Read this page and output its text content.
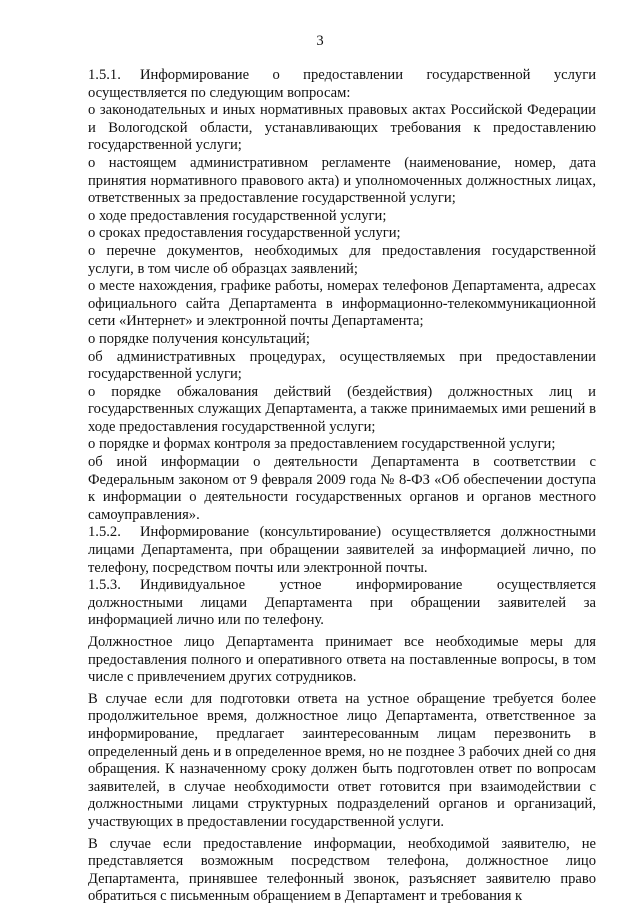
3

1.5.1. Информирование о предоставлении государственной услуги осуществляется по следующим вопросам:

о законодательных и иных нормативных правовых актах Российской Федерации и Вологодской области, устанавливающих требования к предоставлению государственной услуги;

о настоящем административном регламенте (наименование, номер, дата принятия нормативного правового акта) и уполномоченных должностных лицах, ответственных за предоставление государственной услуги;

о ходе предоставления государственной услуги;

о сроках предоставления государственной услуги;

о перечне документов, необходимых для предоставления государственной услуги, в том числе об образцах заявлений;

о месте нахождения, графике работы, номерах телефонов Департамента, адресах официального сайта Департамента в информационно-телекоммуникационной сети «Интернет» и электронной почты Департамента;

о порядке получения консультаций;

об административных процедурах, осуществляемых при предоставлении государственной услуги;

о порядке обжалования действий (бездействия) должностных лиц и государственных служащих Департамента, а также принимаемых ими решений в ходе предоставления государственной услуги;

о порядке и формах контроля за предоставлением государственной услуги;

об иной информации о деятельности Департамента в соответствии с Федеральным законом от 9 февраля 2009 года № 8-ФЗ «Об обеспечении доступа к информации о деятельности государственных органов и органов местного самоуправления».

1.5.2. Информирование (консультирование) осуществляется должностными лицами Департамента, при обращении заявителей за информацией лично, по телефону, посредством почты или электронной почты.

1.5.3. Индивидуальное устное информирование осуществляется должностными лицами Департамента при обращении заявителей за информацией лично или по телефону.

Должностное лицо Департамента принимает все необходимые меры для предоставления полного и оперативного ответа на поставленные вопросы, в том числе с привлечением других сотрудников.

В случае если для подготовки ответа на устное обращение требуется более продолжительное время, должностное лицо Департамента, ответственное за информирование, предлагает заинтересованным лицам перезвонить в определенный день и в определенное время, но не позднее 3 рабочих дней со дня обращения. К назначенному сроку должен быть подготовлен ответ по вопросам заявителей, в случае необходимости ответ готовится при взаимодействии с должностными лицами структурных подразделений органов и организаций, участвующих в предоставлении государственной услуги.

В случае если предоставление информации, необходимой заявителю, не представляется возможным посредством телефона, должностное лицо Департамента, принявшее телефонный звонок, разъясняет заявителю право обратиться с письменным обращением в Департамент и требования к
